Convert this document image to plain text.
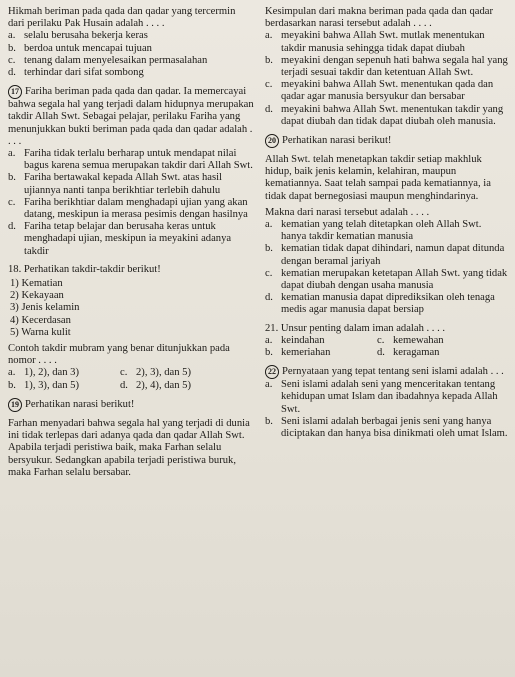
Hikmah beriman pada qada dan qadar yang tercermin dari perilaku Pak Husain adalah . . . .

a. selalu berusaha bekerja keras
b. berdoa untuk mencapai tujuan
c. tenang dalam menyelesaikan permasalahan
d. terhindar dari sifat sombong

17 Fariha beriman pada qada dan qadar. Ia memercayai bahwa segala hal yang terjadi dalam hidupnya merupakan takdir Allah Swt. Sebagai pelajar, perilaku Fariha yang menunjukkan bukti beriman pada qada dan qadar adalah . . . .

a. Fariha tidak terlalu berharap untuk mendapat nilai bagus karena semua merupakan takdir dari Allah Swt.
b. Fariha bertawakal kepada Allah Swt. atas hasil ujiannya nanti tanpa berikhtiar terlebih dahulu
c. Fariha berikhtiar dalam menghadapi ujian yang akan datang, meskipun ia merasa pesimis dengan hasilnya
d. Fariha tetap belajar dan berusaha keras untuk menghadapi ujian, meskipun ia meyakini adanya takdir

18. Perhatikan takdir-takdir berikut!

1) Kematian
2) Kekayaan
3) Jenis kelamin
4) Kecerdasan
5) Warna kulit

Contoh takdir mubram yang benar ditunjukkan pada nomor . . . .

a. 1), 2), dan 3)	c. 2), 3), dan 5)
b. 1), 3), dan 5)	d. 2), 4), dan 5)

19 Perhatikan narasi berikut!

Farhan menyadari bahwa segala hal yang terjadi di dunia ini tidak terlepas dari adanya qada dan qadar Allah Swt. Apabila terjadi peristiwa baik, maka Farhan selalu bersyukur. Sedangkan apabila terjadi peristiwa buruk, maka Farhan selalu bersabar.

Kesimpulan dari makna beriman pada qada dan qadar berdasarkan narasi tersebut adalah . . . .

a. meyakini bahwa Allah Swt. mutlak menentukan takdir manusia sehingga tidak dapat diubah
b. meyakini dengan sepenuh hati bahwa segala hal yang terjadi sesuai takdir dan ketentuan Allah Swt.
c. meyakini bahwa Allah Swt. menentukan qada dan qadar agar manusia bersyukur dan bersabar
d. meyakini bahwa Allah Swt. menentukan takdir yang dapat diubah dan tidak dapat diubah oleh manusia.

20 Perhatikan narasi berikut!

Allah Swt. telah menetapkan takdir setiap makhluk hidup, baik jenis kelamin, kelahiran, maupun kematiannya. Saat telah sampai pada kematiannya, ia tidak dapat bernegosiasi maupun menghindarinya.

Makna dari narasi tersebut adalah . . . .

a. kematian yang telah ditetapkan oleh Allah Swt. hanya takdir kematian manusia
b. kematian tidak dapat dihindari, namun dapat ditunda dengan beramal jariyah
c. kematian merupakan ketetapan Allah Swt. yang tidak dapat diubah dengan usaha manusia
d. kematian manusia dapat diprediksikan oleh tenaga medis agar manusia dapat bersiap

21. Unsur penting dalam iman adalah . . . .

a. keindahan	c. kemewahan
b. kemeriahan	d. keragaman

22 Pernyataan yang tepat tentang seni islami adalah . . .

a. Seni islami adalah seni yang menceritakan tentang kehidupan umat Islam dan ibadahnya kepada Allah Swt.
b. Seni islami adalah berbagai jenis seni yang hanya diciptakan dan hanya bisa dinikmati oleh umat Islam.
